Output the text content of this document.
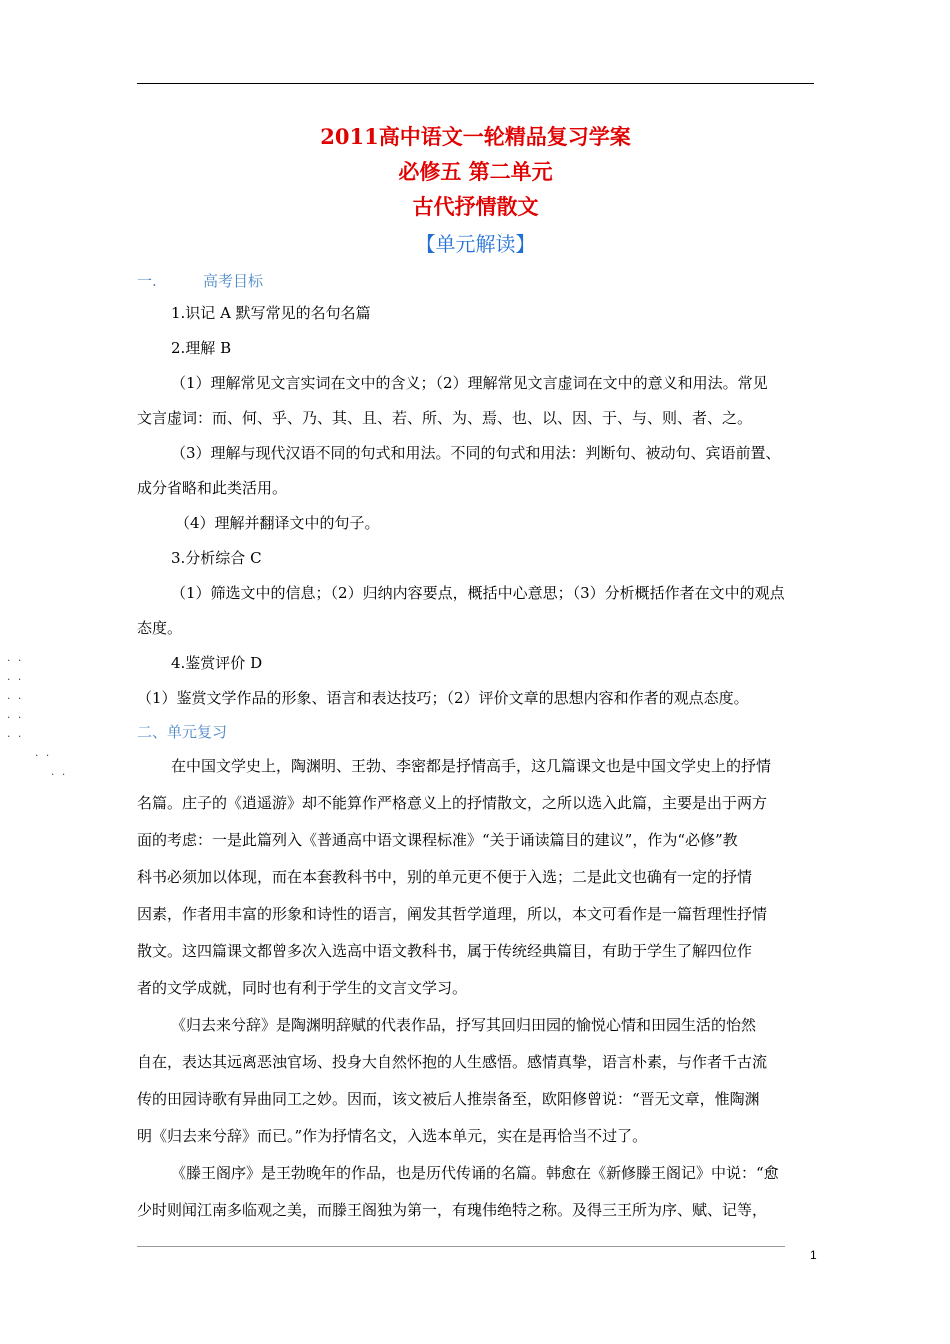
2011高中语文一轮精品复习学案
必修五 第二单元
古代抒情散文
【单元解读】
一.	高考目标
1.识记 A 默写常见的名句名篇
2.理解 B
（1）理解常见文言实词在文中的含义；（2）理解常见文言虚词在文中的意义和用法。常见
文言虚词：而、何、乎、乃、其、且、若、所、为、焉、也、以、因、于、与、则、者、之。
（3）理解与现代汉语不同的句式和用法。不同的句式和用法：判断句、被动句、宾语前置、
成分省略和此类活用。
（4）理解并翻译文中的句子。
3.分析综合 C
（1）筛选文中的信息；（2）归纳内容要点，概括中心意思；（3）分析概括作者在文中的观点
态度。
4.鉴赏评价 D
（1）鉴赏文学作品的形象、语言和表达技巧；（2）评价文章的思想内容和作者的观点态度。
二、单元复习
在中国文学史上，陶渊明、王勃、李密都是抒情高手，这几篇课文也是中国文学史上的抒情
名篇。庄子的《逍遥游》却不能算作严格意义上的抒情散文，之所以选入此篇，主要是出于两方
面的考虑：一是此篇列入《普通高中语文课程标准》“关于诵读篇目的建议”，作为“必修”教
科书必须加以体现，而在本套教科书中，别的单元更不便于入选；二是此文也确有一定的抒情
因素，作者用丰富的形象和诗性的语言，阐发其哲学道理，所以，本文可看作是一篇哲理性抒情
散文。这四篇课文都曾多次入选高中语文教科书，属于传统经典篇目，有助于学生了解四位作
者的文学成就，同时也有利于学生的文言文学习。
《归去来兮辞》是陶渊明辞赋的代表作品，抒写其回归田园的愉悦心情和田园生活的怡然
自在，表达其远离恶浊官场、投身大自然怀抱的人生感悟。感情真挚，语言朴素，与作者千古流
传的田园诗歌有异曲同工之妙。因而，该文被后人推崇备至，欧阳修曾说：“晋无文章，惟陶渊
明《归去来兮辞》而已。”作为抒情名文，入选本单元，实在是再恰当不过了。
《滕王阁序》是王勃晚年的作品，也是历代传诵的名篇。韩愈在《新修滕王阁记》中说：“愈
少时则闻江南多临观之美，而滕王阁独为第一，有瑰伟绝特之称。及得三王所为序、赋、记等，
. .
. .
. .
. .
. .
. .
. .
1
